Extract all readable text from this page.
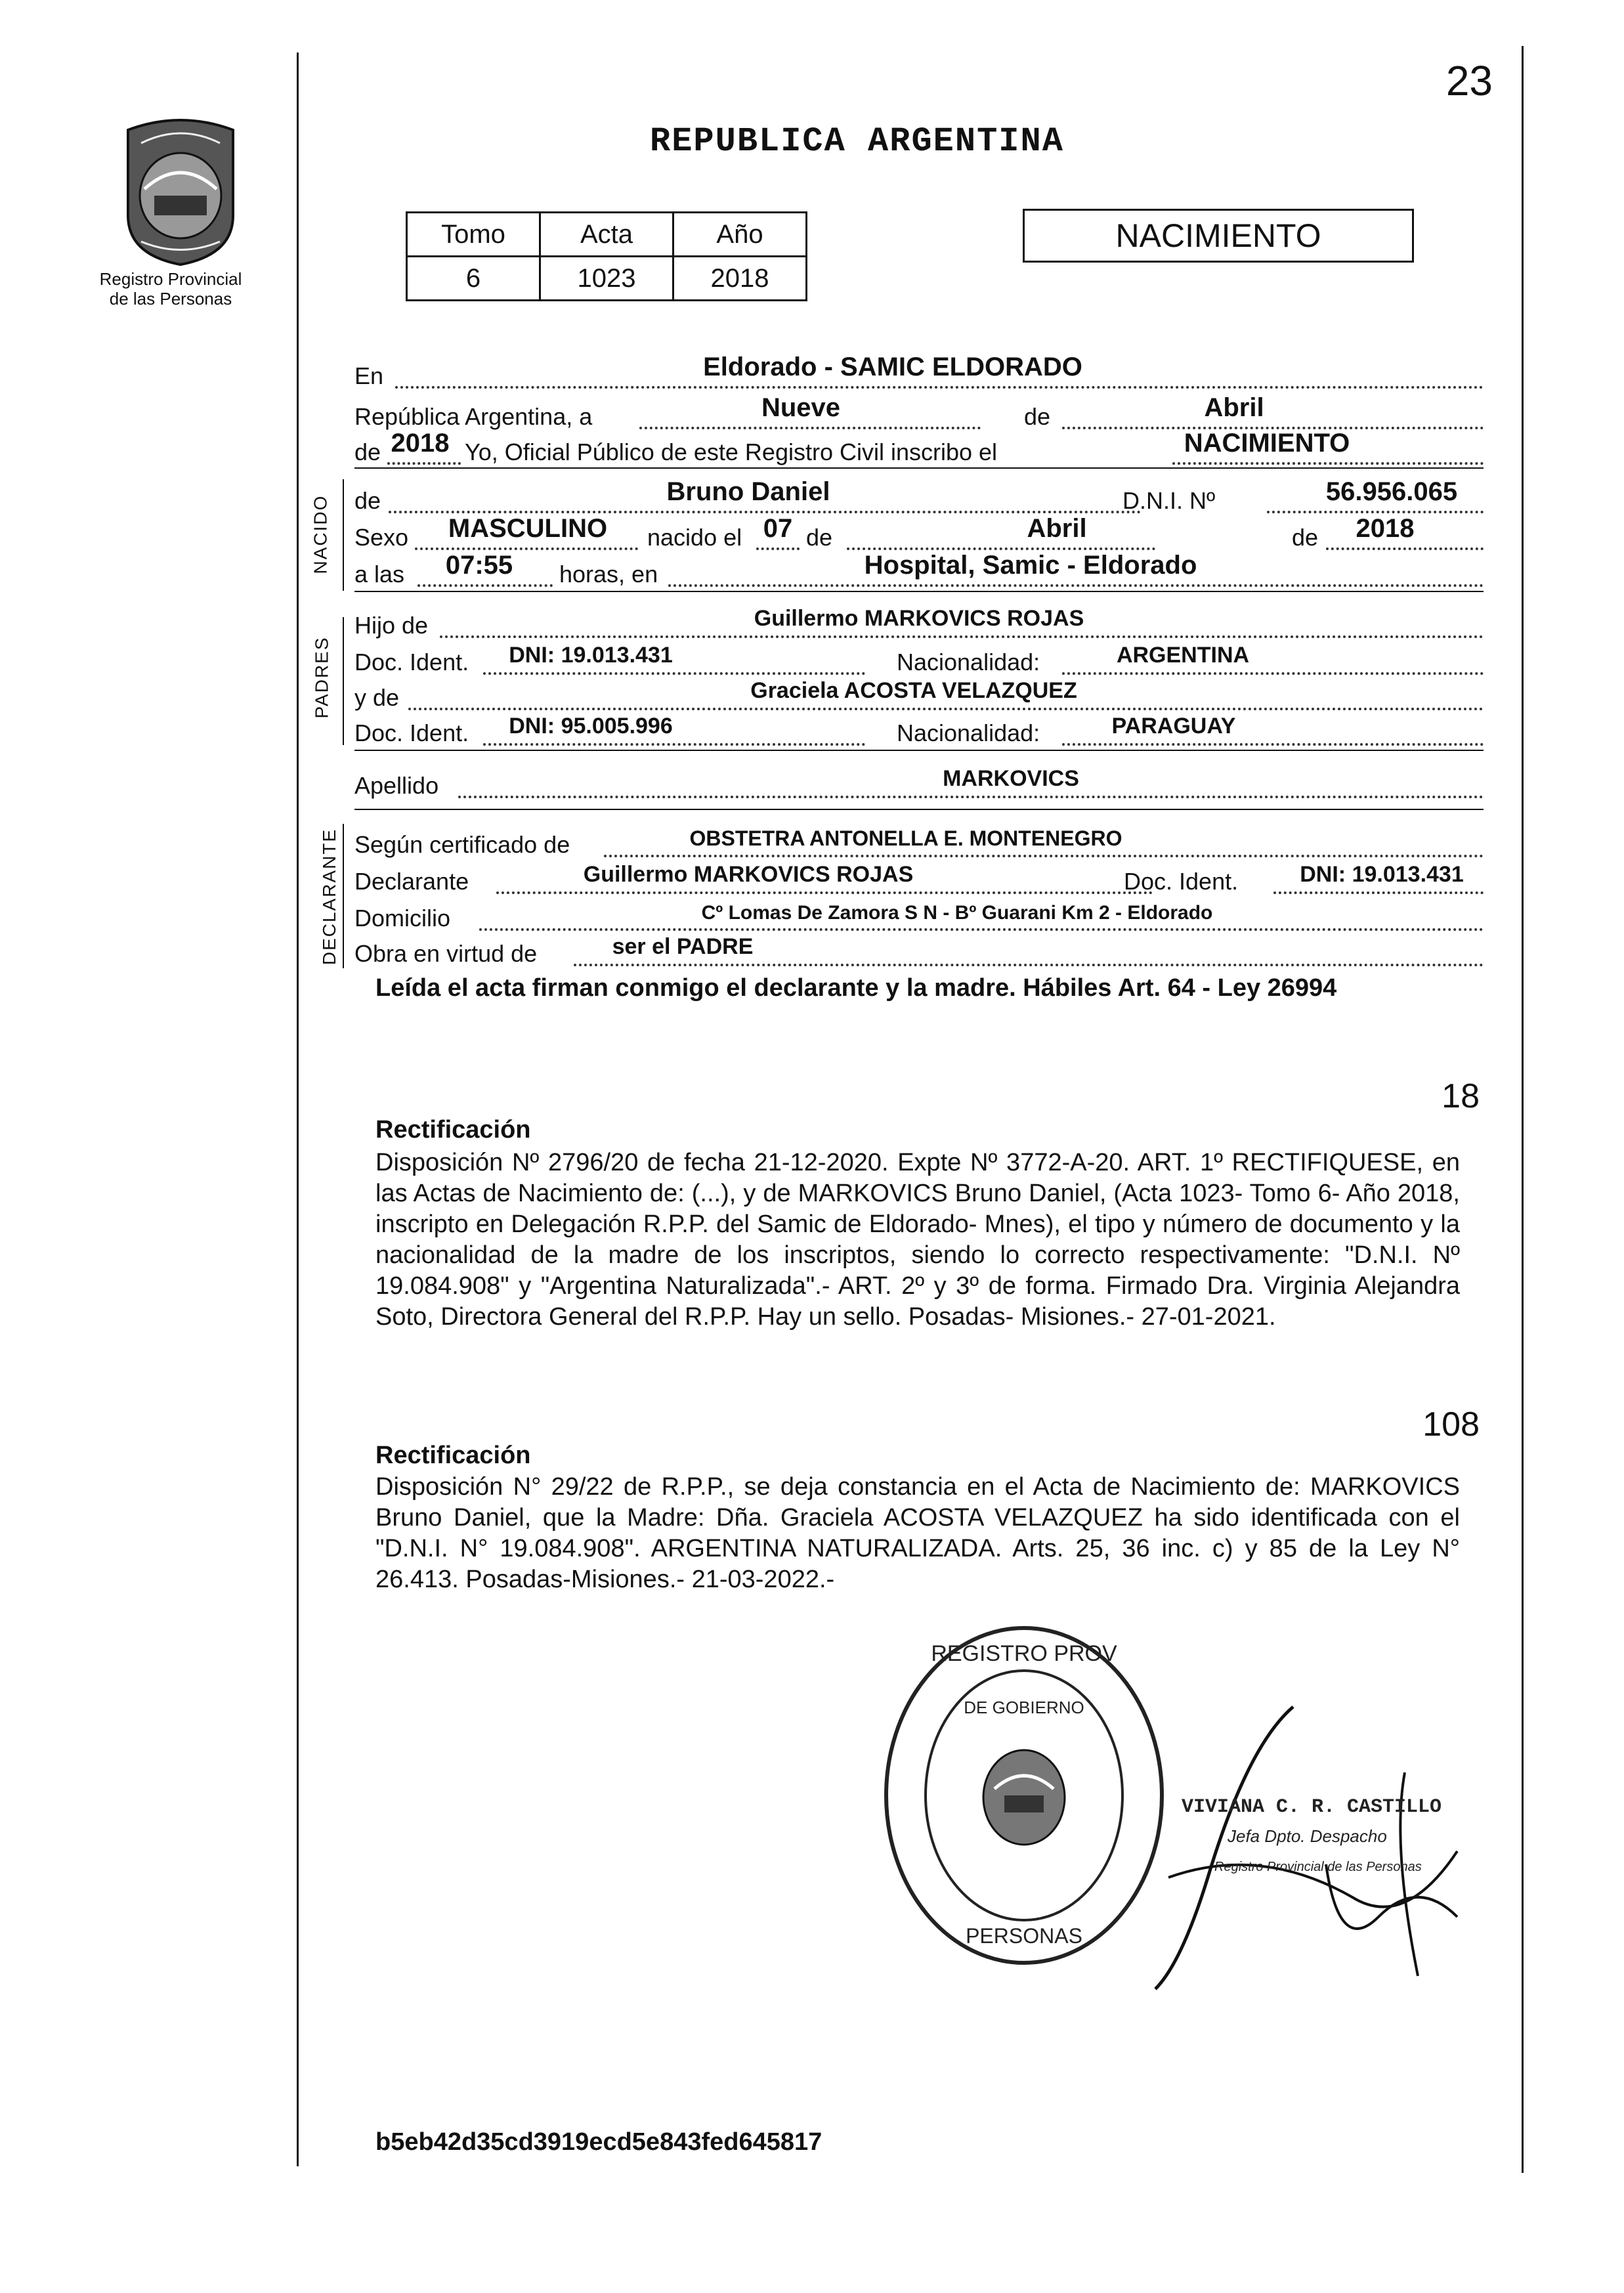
23
Registro Provincial
de las Personas
REPUBLICA ARGENTINA
Tomo	Acta	Año
6	1023	2018
NACIMIENTO
NACIDO
PADRES
DECLARANTE
En	Eldorado - SAMIC ELDORADO
República Argentina, a	Nueve	de	Abril
de 2018 Yo, Oficial Público de este Registro Civil inscribo el	NACIMIENTO
de	Bruno Daniel	D.N.I. Nº	56.956.065
Sexo MASCULINO nacido el 07 de	Abril	de 2018
a las 07:55 horas, en	Hospital, Samic - Eldorado
Hijo de	Guillermo MARKOVICS ROJAS
Doc. Ident. DNI: 19.013.431	Nacionalidad:	ARGENTINA
y de	Graciela ACOSTA VELAZQUEZ
Doc. Ident. DNI: 95.005.996	Nacionalidad:	PARAGUAY
Apellido	MARKOVICS
Según certificado de	OBSTETRA ANTONELLA E. MONTENEGRO
Declarante	Guillermo MARKOVICS ROJAS	Doc. Ident.	DNI: 19.013.431
Domicilio	Cº Lomas De Zamora S N - Bº Guarani Km 2 - Eldorado
Obra en virtud de	ser el PADRE
Leída el acta firman conmigo el declarante y la madre. Hábiles Art. 64 - Ley 26994
18
Rectificación
Disposición Nº 2796/20 de fecha 21-12-2020. Expte Nº 3772-A-20. ART. 1º RECTIFIQUESE, en las Actas de Nacimiento de: (...), y de MARKOVICS Bruno Daniel, (Acta 1023- Tomo 6- Año 2018, inscripto en Delegación R.P.P. del Samic de Eldorado- Mnes), el tipo y número de documento y la nacionalidad de la madre de los inscriptos, siendo lo correcto respectivamente: "D.N.I. Nº 19.084.908" y "Argentina Naturalizada".- ART. 2º y 3º de forma. Firmado Dra. Virginia Alejandra Soto, Directora General del R.P.P. Hay un sello. Posadas- Misiones.- 27-01-2021.
108
Rectificación
Disposición N° 29/22 de R.P.P., se deja constancia en el Acta de Nacimiento de: MARKOVICS Bruno Daniel, que la Madre: Dña. Graciela ACOSTA VELAZQUEZ ha sido identificada con el "D.N.I. N° 19.084.908". ARGENTINA NATURALIZADA. Arts. 25, 36 inc. c) y 85 de la Ley N° 26.413. Posadas-Misiones.- 21-03-2022.-
REGISTRO PROV
DE GOBIERNO
PERSONAS
VIVIANA C. R. CASTILLO
Jefa Dpto. Despacho
Registro Provincial de las Personas
b5eb42d35cd3919ecd5e843fed645817
